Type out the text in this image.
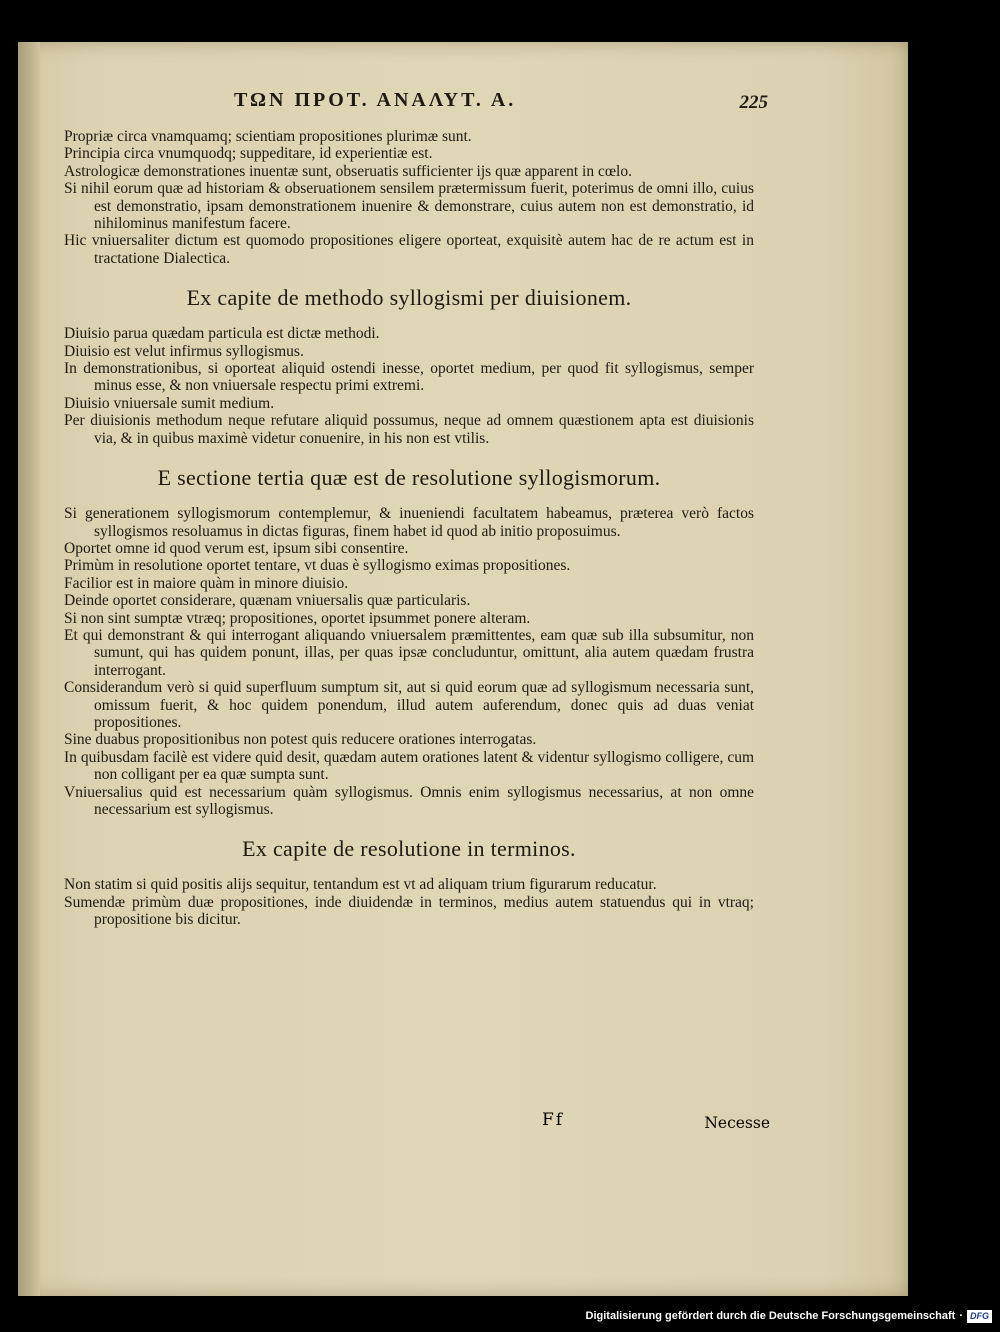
ΤΩΝ ΠΡΟΤ. ΑΝΑΛΥΤ. Α.	225

Propriæ circa vnamquamq; scientiam propositiones plurimæ sunt.

Principia circa vnumquodq; suppeditare, id experientiæ est.

Astrologicæ demonstrationes inuentæ sunt, obseruatis sufficienter ijs quæ apparent in cœlo.

Si nihil eorum quæ ad historiam & obseruationem sensilem prætermissum fuerit, poterimus de omni illo, cuius est demonstratio, ipsam demonstrationem inuenire & demonstrare, cuius autem non est demonstratio, id nihilominus manifestum facere.

Hic vniuersaliter dictum est quomodo propositiones eligere oporteat, exquisitè autem hac de re actum est in tractatione Dialectica.

Ex capite de methodo syllogismi per diuisionem.

Diuisio parua quædam particula est dictæ methodi.

Diuisio est velut infirmus syllogismus.

In demonstrationibus, si oporteat aliquid ostendi inesse, oportet medium, per quod fit syllogismus, semper minus esse, & non vniuersale respectu primi extremi.

Diuisio vniuersale sumit medium.

Per diuisionis methodum neque refutare aliquid possumus, neque ad omnem quæstionem apta est diuisionis via, & in quibus maximè videtur conuenire, in his non est vtilis.

E sectione tertia quæ est de resolutione syllogismorum.

Si generationem syllogismorum contemplemur, & inueniendi facultatem habeamus, præterea verò factos syllogismos resoluamus in dictas figuras, finem habet id quod ab initio proposuimus.

Oportet omne id quod verum est, ipsum sibi consentire.

Primùm in resolutione oportet tentare, vt duas è syllogismo eximas propositiones.

Facilior est in maiore quàm in minore diuisio.

Deinde oportet considerare, quænam vniuersalis quæ particularis.

Si non sint sumptæ vtræq; propositiones, oportet ipsummet ponere alteram.

Et qui demonstrant & qui interrogant aliquando vniuersalem præmittentes, eam quæ sub illa subsumitur, non sumunt, qui has quidem ponunt, illas, per quas ipsæ concluduntur, omittunt, alia autem quædam frustra interrogant.

Considerandum verò si quid superfluum sumptum sit, aut si quid eorum quæ ad syllogismum necessaria sunt, omissum fuerit, & hoc quidem ponendum, illud autem auferendum, donec quis ad duas veniat propositiones.

Sine duabus propositionibus non potest quis reducere orationes interrogatas.

In quibusdam facilè est videre quid desit, quædam autem orationes latent & videntur syllogismo colligere, cum non colligant per ea quæ sumpta sunt.

Vniuersalius quid est necessarium quàm syllogismus. Omnis enim syllogismus necessarius, at non omne necessarium est syllogismus.

Ex capite de resolutione in terminos.

Non statim si quid positis alijs sequitur, tentandum est vt ad aliquam trium figurarum reducatur.

Sumendæ primùm duæ propositiones, inde diuidendæ in terminos, medius autem statuendus qui in vtraq; propositione bis dicitur.

Ff	Necesse
Digitalisierung gefördert durch die Deutsche Forschungsgemeinschaft · DFG
